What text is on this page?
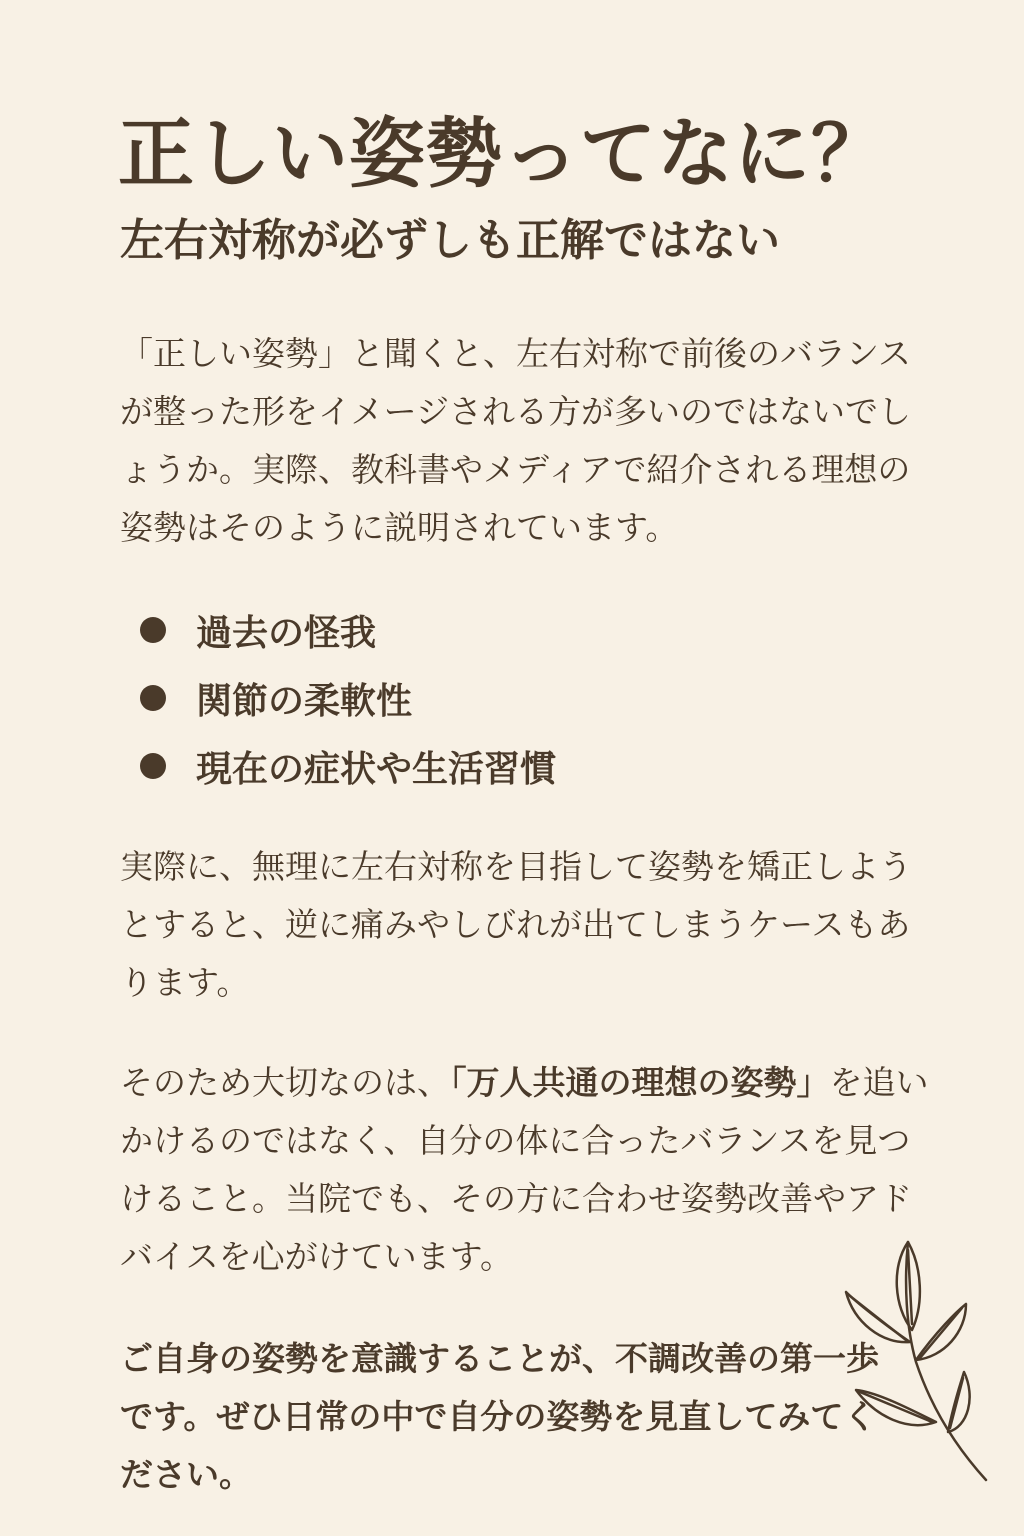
正しい姿勢ってなに？
左右対称が必ずしも正解ではない

「正しい姿勢」と聞くと、左右対称で前後のバランスが整った形をイメージされる方が多いのではないでしょうか。実際、教科書やメディアで紹介される理想の姿勢はそのように説明されています。

過去の怪我
関節の柔軟性
現在の症状や生活習慣

実際に、無理に左右対称を目指して姿勢を矯正しようとすると、逆に痛みやしびれが出てしまうケースもあります。

そのため大切なのは、「万人共通の理想の姿勢」を追いかけるのではなく、自分の体に合ったバランスを見つけること。当院でも、その方に合わせ姿勢改善やアドバイスを心がけています。

ご自身の姿勢を意識することが、不調改善の第一歩です。ぜひ日常の中で自分の姿勢を見直してみてください。
